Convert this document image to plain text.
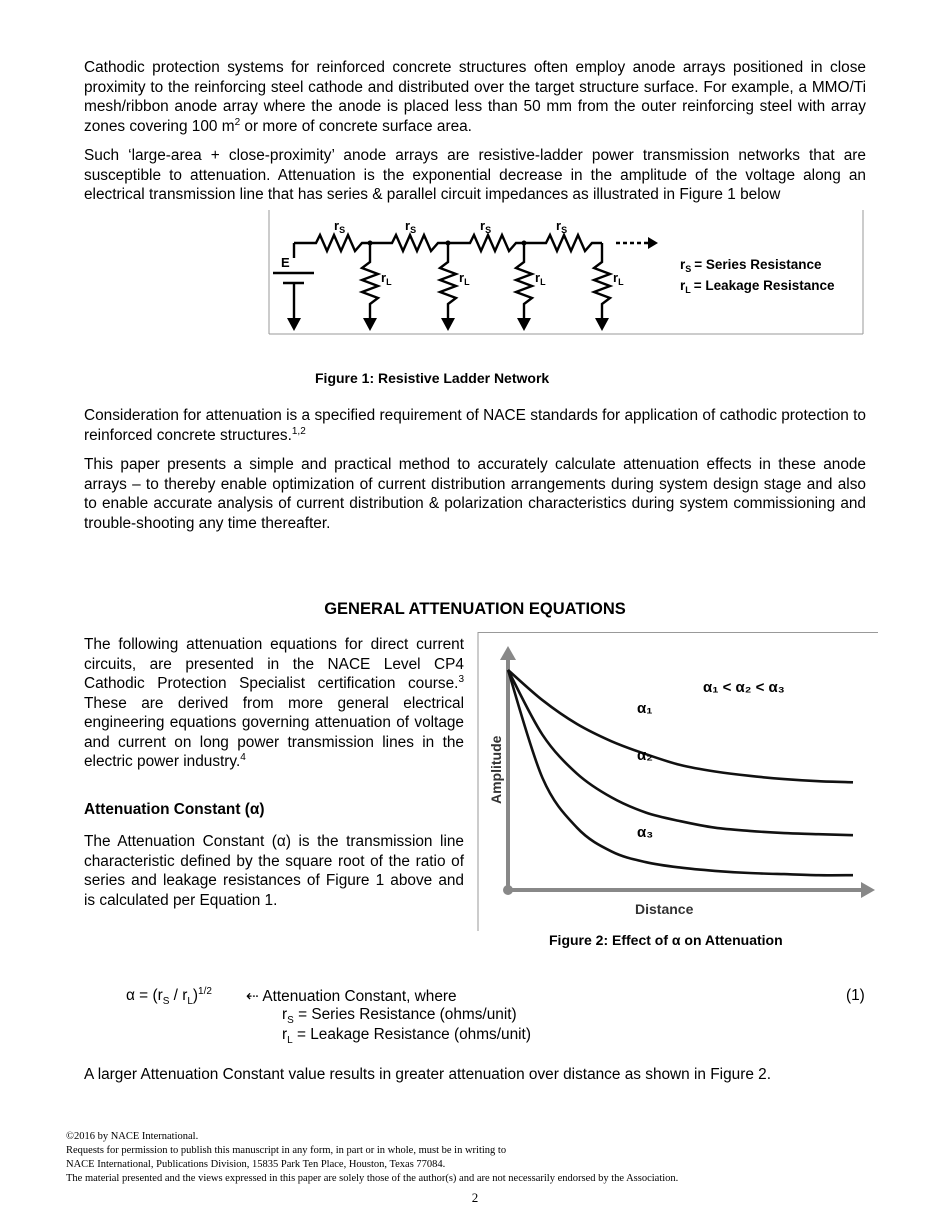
Cathodic protection systems for reinforced concrete structures often employ anode arrays positioned in close proximity to the reinforcing steel cathode and distributed over the target structure surface. For example, a MMO/Ti mesh/ribbon anode array where the anode is placed less than 50 mm from the outer reinforcing steel with array zones covering 100 $m^2$ or more of concrete surface area.

Such ‘large-area + close-proximity’ anode arrays are resistive-ladder power transmission networks that are susceptible to attenuation. Attenuation is the exponential decrease in the amplitude of the voltage along an electrical transmission line that has series & parallel circuit impedances as illustrated in Figure 1 below

E
$r_S$	$r_S$	$r_S$	$r_S$
$r_L$	$r_L$	$r_L$	$r_L$
$r_S$ = Series Resistance
$r_L$ = Leakage Resistance

Figure 1: Resistive Ladder Network

Consideration for attenuation is a specified requirement of NACE standards for application of cathodic protection to reinforced concrete structures.$^{1,2}$

This paper presents a simple and practical method to accurately calculate attenuation effects in these anode arrays – to thereby enable optimization of current distribution arrangements during system design stage and also to enable accurate analysis of current distribution & polarization characteristics during system commissioning and trouble-shooting any time thereafter.

GENERAL ATTENUATION EQUATIONS

The following attenuation equations for direct current circuits, are presented in the NACE Level CP4 Cathodic Protection Specialist certification course.$^3$ These are derived from more general electrical engineering equations governing attenuation of voltage and current on long power transmission lines in the electric power industry.$^4$

Attenuation Constant (α)

The Attenuation Constant (α) is the transmission line characteristic defined by the square root of the ratio of series and leakage resistances of Figure 1 above and is calculated per Equation 1.

Amplitude
Distance
α₁ < α₂ < α₃
α₁
α₂
α₃

Figure 2: Effect of α on Attenuation

$\alpha = (r_S / r_L)^{1/2}$ ⇠ Attenuation Constant, where	(1)

$r_S$ = Series Resistance (ohms/unit)

$r_L$ = Leakage Resistance (ohms/unit)

A larger Attenuation Constant value results in greater attenuation over distance as shown in Figure 2.

©2016 by NACE International.

Requests for permission to publish this manuscript in any form, in part or in whole, must be in writing to

NACE International, Publications Division, 15835 Park Ten Place, Houston, Texas 77084.

The material presented and the views expressed in this paper are solely those of the author(s) and are not necessarily endorsed by the Association.

2
